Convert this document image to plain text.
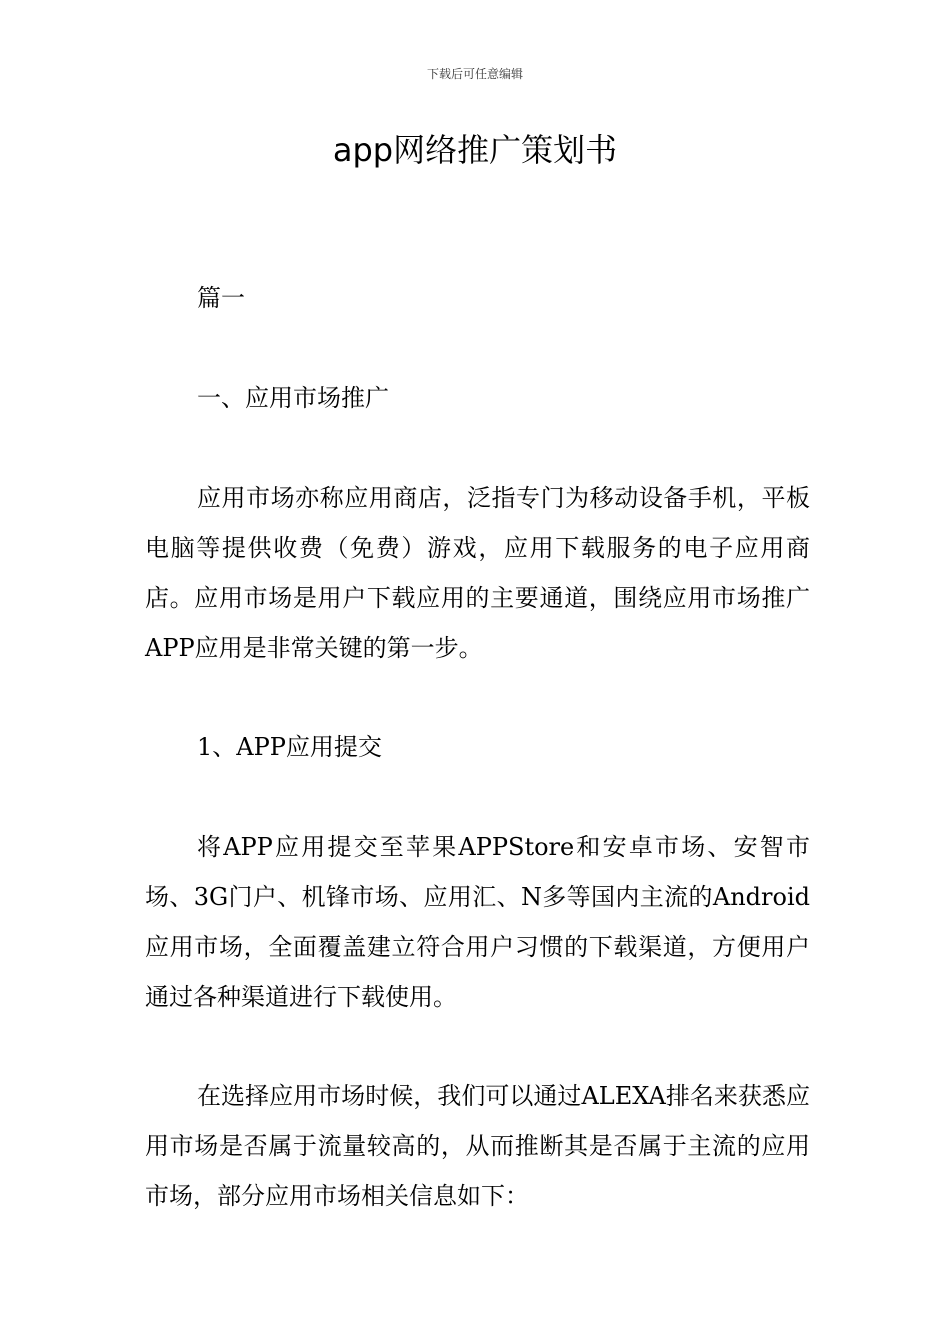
下载后可任意编辑
app网络推广策划书

篇一

一、应用市场推广

应用市场亦称应用商店，泛指专门为移动设备手机，平板电脑等提供收费（免费）游戏，应用下载服务的电子应用商店。应用市场是用户下载应用的主要通道，围绕应用市场推广APP应用是非常关键的第一步。

1、APP应用提交

将APP应用提交至苹果APPStore和安卓市场、安智市场、3G门户、机锋市场、应用汇、N多等国内主流的Android应用市场，全面覆盖建立符合用户习惯的下载渠道，方便用户通过各种渠道进行下载使用。

在选择应用市场时候，我们可以通过ALEXA排名来获悉应用市场是否属于流量较高的，从而推断其是否属于主流的应用市场，部分应用市场相关信息如下：
